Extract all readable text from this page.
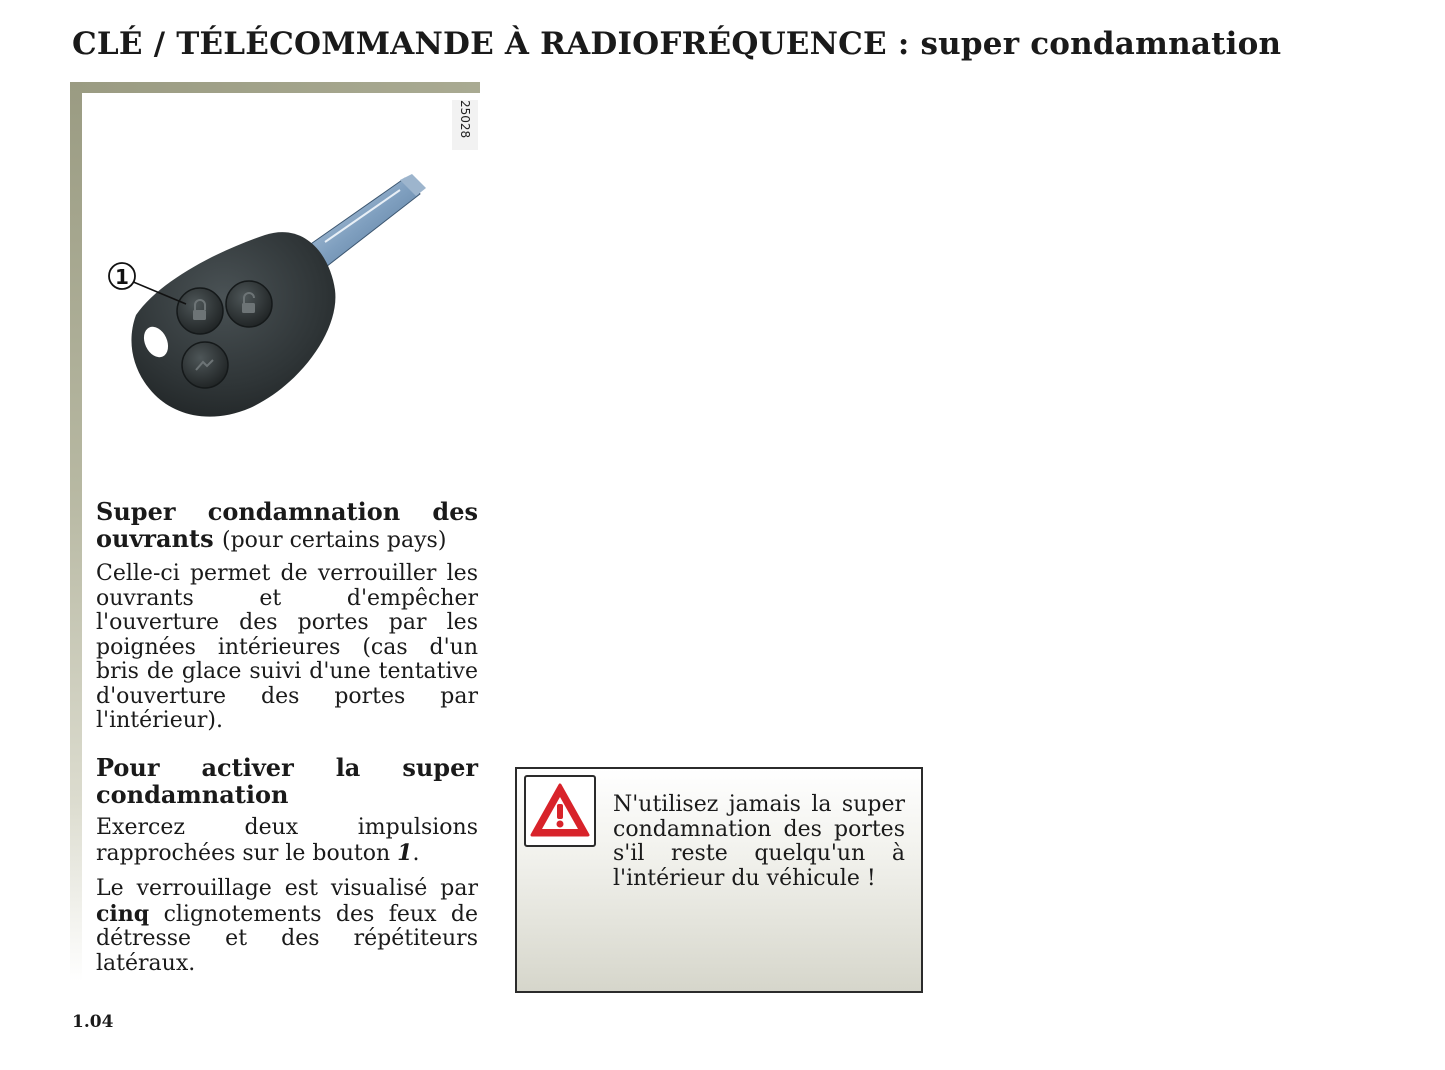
CLÉ / TÉLÉCOMMANDE À RADIOFRÉQUENCE : super condamnation
25028
1
Super condamnation des ouvrants (pour certains pays)

Celle-ci permet de verrouiller les ouvrants et d'empêcher l'ouverture des portes par les poignées intérieures (cas d'un bris de glace suivi d'une tentative d'ouverture des portes par l'intérieur).

Pour activer la super condamnation

Exercez deux impulsions rapprochées sur le bouton 1.

Le verrouillage est visualisé par cinq clignotements des feux de détresse et des répétiteurs latéraux.

N'utilisez jamais la super condamnation des portes s'il reste quelqu'un à l'intérieur du véhicule !
1.04
